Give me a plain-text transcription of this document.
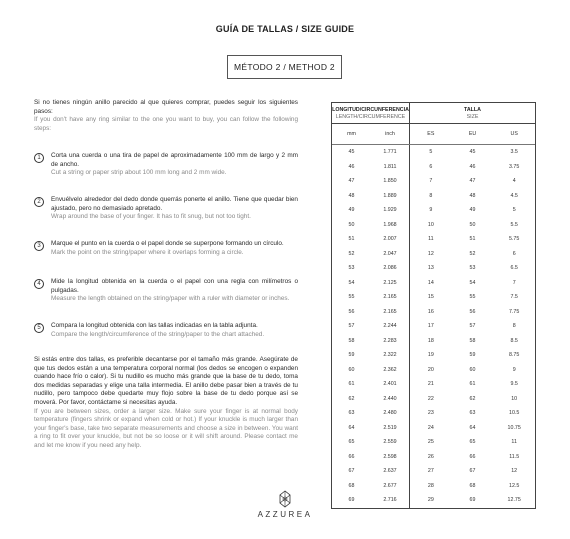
GUÍA DE TALLAS / SIZE GUIDE
MÉTODO 2 / METHOD 2
Si no tienes ningún anillo parecido al que quieres comprar, puedes seguir los siguientes pasos:
If you don't have any ring similar to the one you want to buy, you can follow the following steps:
1	Corta una cuerda o una tira de papel de aproximadamente 100 mm de largo y 2 mm de ancho.
Cut a string or paper strip about 100 mm long and 2 mm wide.
2	Envuélvelo alrededor del dedo donde querrás ponerte el anillo. Tiene que quedar bien ajustado, pero no demasiado apretado.
Wrap around the base of your finger. It has to fit snug, but not too tight.
3	Marque el punto en la cuerda o el papel donde se superpone formando un círculo.
Mark the point on the string/paper where it overlaps forming a circle.
4	Mide la longitud obtenida en la cuerda o el papel con una regla con milímetros o pulgadas.
Measure the length obtained on the string/paper with a ruler with diameter or inches.
5	Compara la longitud obtenida con las tallas indicadas en la tabla adjunta.
Compare the length/circumference of the string/paper to the chart attached.
Si estás entre dos tallas, es preferible decantarse por el tamaño más grande. Asegúrate de que tus dedos están a una temperatura corporal normal (los dedos se encogen o expanden cuando hace frío o calor). Si tu nudillo es mucho más grande que la base de tu dedo, toma dos medidas separadas y elige una talla intermedia. El anillo debe pasar bien a través de tu nudillo, pero tampoco debe quedarte muy flojo sobre la base de tu dedo porque así se moverá. Por favor, contáctame si necesitas ayuda.
If you are between sizes, order a larger size. Make sure your finger is at normal body temperature (fingers shrink or expand when cold or hot.) If your knuckle is much larger than your finger's base, take two separate measurements and choose a size in between. You want a ring to fit over your knuckle, but not be so loose or it will shift around. Please contact me and let me know if you need any help.
LONGITUD/CIRCUNFERENCIA
LENGTH/CIRCUMFERENCE
TALLA
SIZE
mm	inch	ES	EU	US
45	1.771	5	45	3.5
46	1.811	6	46	3.75
47	1.850	7	47	4
48	1.889	8	48	4.5
49	1.929	9	49	5
50	1.968	10	50	5.5
51	2.007	11	51	5.75
52	2.047	12	52	6
53	2.086	13	53	6.5
54	2.125	14	54	7
55	2.165	15	55	7.5
56	2.165	16	56	7.75
57	2.244	17	57	8
58	2.283	18	58	8.5
59	2.322	19	59	8.75
60	2.362	20	60	9
61	2.401	21	61	9.5
62	2.440	22	62	10
63	2.480	23	63	10.5
64	2.519	24	64	10.75
65	2.559	25	65	11
66	2.598	26	66	11.5
67	2.637	27	67	12
68	2.677	28	68	12.5
69	2.716	29	69	12.75
AZZUREA
